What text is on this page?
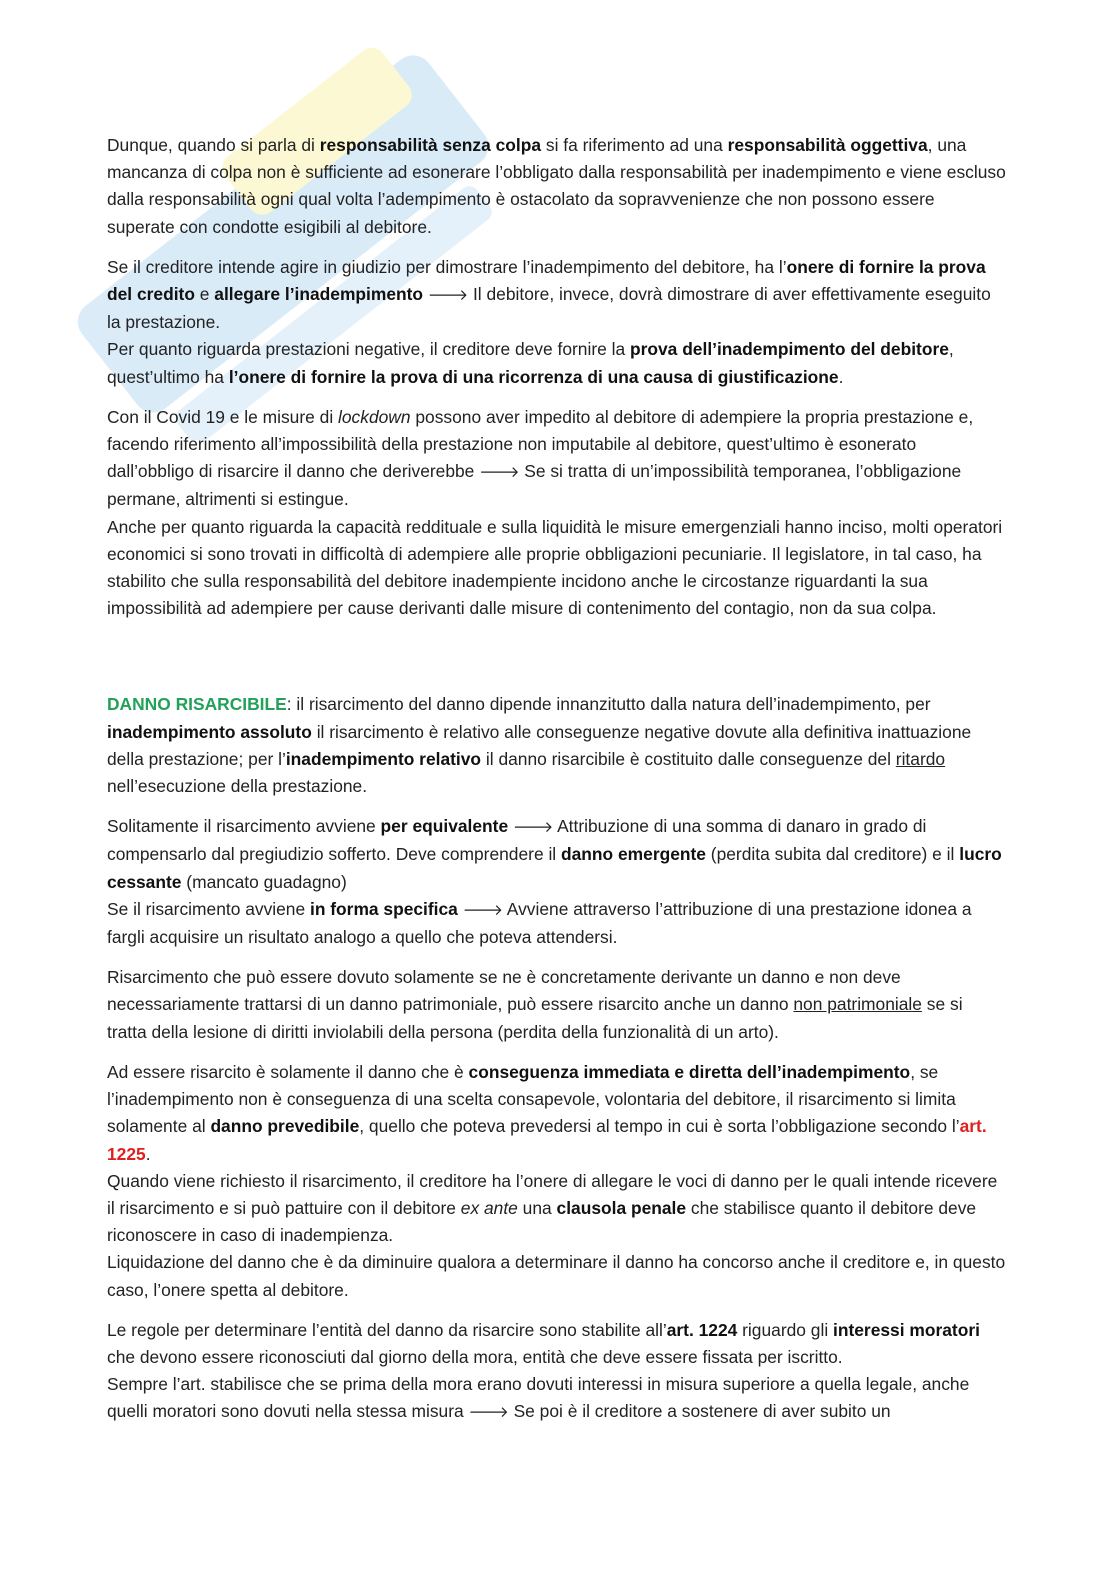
Dunque, quando si parla di responsabilità senza colpa si fa riferimento ad una responsabilità oggettiva, una mancanza di colpa non è sufficiente ad esonerare l’obbligato dalla responsabilità per inadempimento e viene escluso dalla responsabilità ogni qual volta l’adempimento è ostacolato da sopravvenienze che non possono essere superate con condotte esigibili al debitore.

Se il creditore intende agire in giudizio per dimostrare l’inadempimento del debitore, ha l’onere di fornire la prova del credito e allegare l’inadempimento 🡒 Il debitore, invece, dovrà dimostrare di aver effettivamente eseguito la prestazione.

Per quanto riguarda prestazioni negative, il creditore deve fornire la prova dell’inadempimento del debitore, quest’ultimo ha l’onere di fornire la prova di una ricorrenza di una causa di giustificazione.

Con il Covid 19 e le misure di lockdown possono aver impedito al debitore di adempiere la propria prestazione e, facendo riferimento all’impossibilità della prestazione non imputabile al debitore, quest’ultimo è esonerato dall’obbligo di risarcire il danno che deriverebbe 🡒 Se si tratta di un’impossibilità temporanea, l’obbligazione permane, altrimenti si estingue.

Anche per quanto riguarda la capacità reddituale e sulla liquidità le misure emergenziali hanno inciso, molti operatori economici si sono trovati in difficoltà di adempiere alle proprie obbligazioni pecuniarie. Il legislatore, in tal caso, ha stabilito che sulla responsabilità del debitore inadempiente incidono anche le circostanze riguardanti la sua impossibilità ad adempiere per cause derivanti dalle misure di contenimento del contagio, non da sua colpa.

DANNO RISARCIBILE: il risarcimento del danno dipende innanzitutto dalla natura dell’inadempimento, per inadempimento assoluto il risarcimento è relativo alle conseguenze negative dovute alla definitiva inattuazione della prestazione; per l’inadempimento relativo il danno risarcibile è costituito dalle conseguenze del ritardo nell’esecuzione della prestazione.

Solitamente il risarcimento avviene per equivalente 🡒 Attribuzione di una somma di danaro in grado di compensarlo dal pregiudizio sofferto. Deve comprendere il danno emergente (perdita subita dal creditore) e il lucro cessante (mancato guadagno)

Se il risarcimento avviene in forma specifica 🡒 Avviene attraverso l’attribuzione di una prestazione idonea a fargli acquisire un risultato analogo a quello che poteva attendersi.

Risarcimento che può essere dovuto solamente se ne è concretamente derivante un danno e non deve necessariamente trattarsi di un danno patrimoniale, può essere risarcito anche un danno non patrimoniale se si tratta della lesione di diritti inviolabili della persona (perdita della funzionalità di un arto).

Ad essere risarcito è solamente il danno che è conseguenza immediata e diretta dell’inadempimento, se l’inadempimento non è conseguenza di una scelta consapevole, volontaria del debitore, il risarcimento si limita solamente al danno prevedibile, quello che poteva prevedersi al tempo in cui è sorta l’obbligazione secondo l’art. 1225.

Quando viene richiesto il risarcimento, il creditore ha l’onere di allegare le voci di danno per le quali intende ricevere il risarcimento e si può pattuire con il debitore ex ante una clausola penale che stabilisce quanto il debitore deve riconoscere in caso di inadempienza.

Liquidazione del danno che è da diminuire qualora a determinare il danno ha concorso anche il creditore e, in questo caso, l’onere spetta al debitore.

Le regole per determinare l’entità del danno da risarcire sono stabilite all’art. 1224 riguardo gli interessi moratori che devono essere riconosciuti dal giorno della mora, entità che deve essere fissata per iscritto.

Sempre l’art. stabilisce che se prima della mora erano dovuti interessi in misura superiore a quella legale, anche quelli moratori sono dovuti nella stessa misura 🡒 Se poi è il creditore a sostenere di aver subito un
